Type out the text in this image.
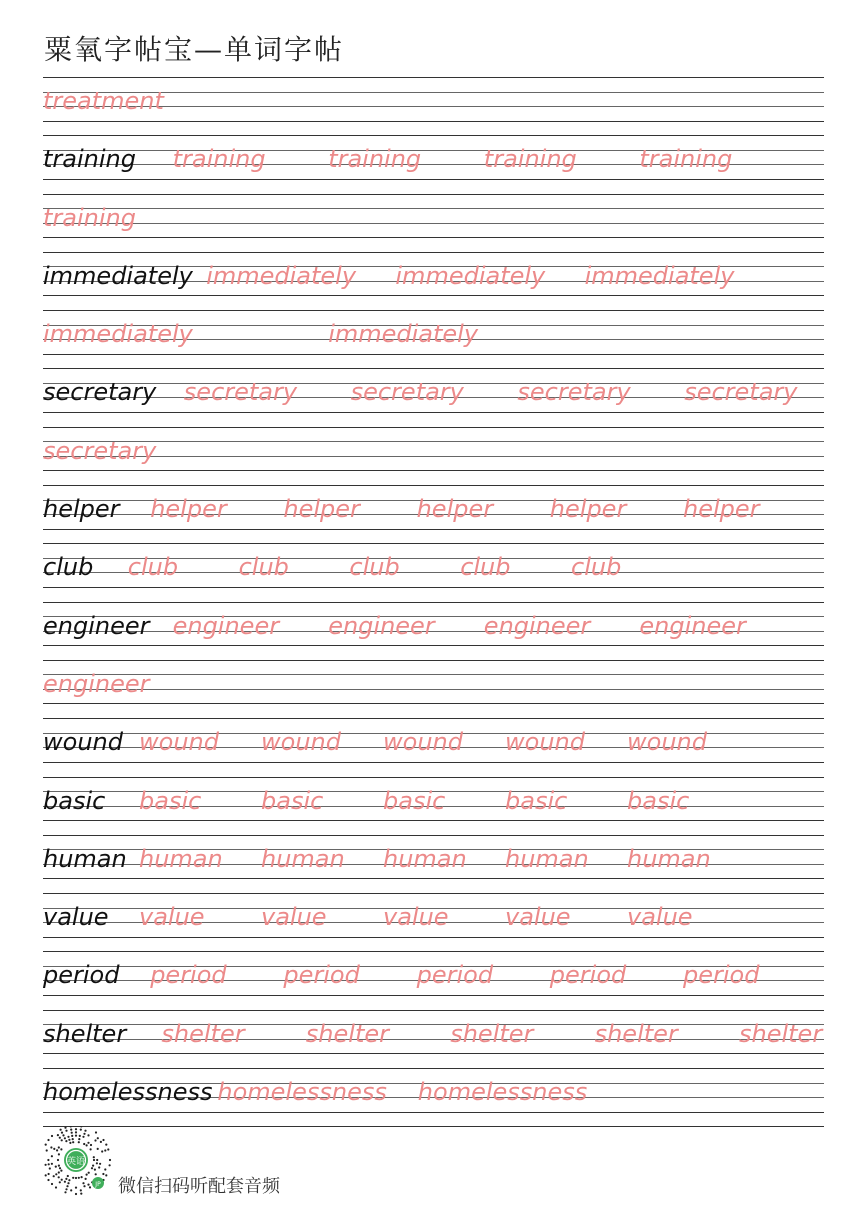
粟氧字帖宝—单词字帖
treatment
training training	training	training	training
training
immediately immediately immediately immediately
immediately	immediately
secretary secretary secretary secretary secretary
secretary
helper helper helper helper helper helper
club club	club	club	club	club
engineer engineer engineer engineer engineer
engineer
wound wound wound wound wound wound
basic basic basic basic basic basic
human human human human human human
value value value value value value
period period period period period period
shelter shelter	shelter	shelter	shelter	shelter
homelessness homelessness homelessness
英语
JP 微信扫码听配套音频
